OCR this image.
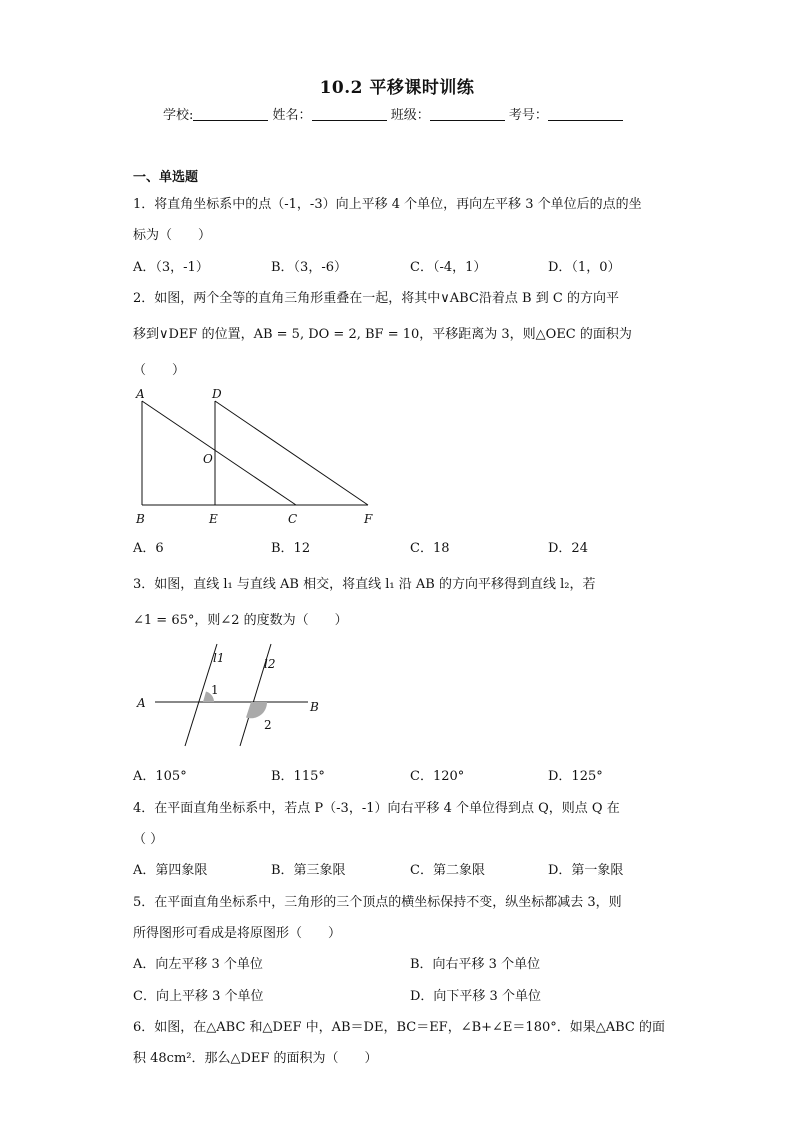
10.2 平移课时训练
学校:	姓名：	班级：	考号：
一、单选题
1．将直角坐标系中的点（-1，-3）向上平移 4 个单位，再向左平移 3 个单位后的点的坐
标为（　　）
A．（3，-1）	B．（3，-6）	C．（-4，1）	D．（1，0）
2．如图，两个全等的直角三角形重叠在一起，将其中∨ABC沿着点 B 到 C 的方向平
移到∨DEF 的位置，AB = 5, DO = 2, BF = 10，平移距离为 3，则△OEC 的面积为
（　　）
A	D
O
B	E	C	F
A．6	B．12	C．18	D．24
3．如图，直线 l₁ 与直线 AB 相交，将直线 l₁ 沿 AB 的方向平移得到直线 l₂，若
∠1 = 65°，则∠2 的度数为（　　）
l1	l2
1
2
A	B
A．105°	B．115°	C．120°	D．125°
4．在平面直角坐标系中，若点 P（-3，-1）向右平移 4 个单位得到点 Q，则点 Q 在
（ ）
A．第四象限	B．第三象限	C．第二象限	D．第一象限
5．在平面直角坐标系中，三角形的三个顶点的横坐标保持不变，纵坐标都减去 3，则
所得图形可看成是将原图形（　　）
A．向左平移 3 个单位	B．向右平移 3 个单位
C．向上平移 3 个单位	D．向下平移 3 个单位
6．如图，在△ABC 和△DEF 中，AB＝DE，BC＝EF，∠B+∠E＝180°．如果△ABC 的面
积 48cm²．那么△DEF 的面积为（　　）
